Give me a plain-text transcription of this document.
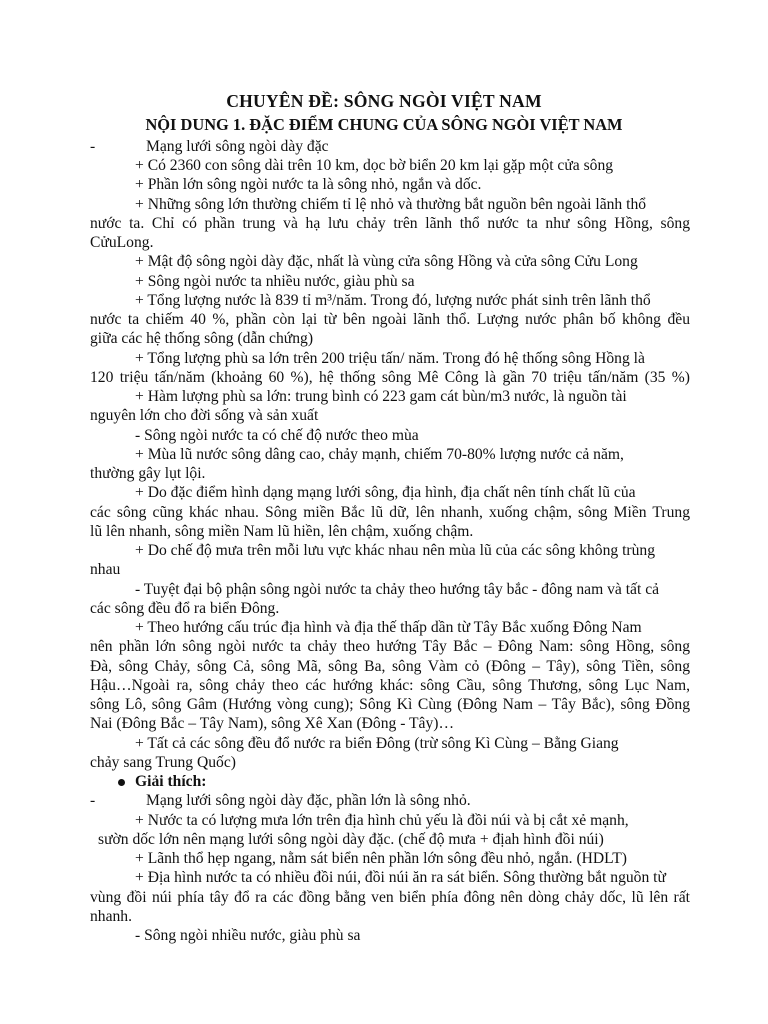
CHUYÊN ĐỀ: SÔNG NGÒI VIỆT NAM
NỘI DUNG 1. ĐẶC ĐIỂM CHUNG CỦA SÔNG NGÒI VIỆT NAM
-	Mạng lưới sông ngòi dày đặc
+ Có 2360 con sông dài trên 10 km, dọc bờ biển 20 km lại gặp một cửa sông
+ Phần lớn sông ngòi nước ta là sông nhỏ, ngắn và dốc.
+ Những sông lớn thường chiếm tỉ lệ nhỏ và thường bắt nguồn bên ngoài lãnh thổ
nước ta. Chỉ có phần trung và hạ lưu chảy trên lãnh thổ nước ta như sông Hồng, sông
CửuLong.
+ Mật độ sông ngòi dày đặc, nhất là vùng cửa sông Hồng và cửa sông Cửu Long
+ Sông ngòi nước ta nhiều nước, giàu phù sa
+ Tổng lượng nước là 839 tỉ m³/năm. Trong đó, lượng nước phát sinh trên lãnh thổ
nước ta chiếm 40 %, phần còn lại từ bên ngoài lãnh thổ. Lượng nước phân bố không đều
giữa các hệ thống sông (dẫn chứng)
+ Tổng lượng phù sa lớn trên 200 triệu tấn/ năm. Trong đó hệ thống sông Hồng là
120 triệu tấn/năm (khoảng 60 %), hệ thống sông Mê Công là gần 70 triệu tấn/năm (35 %)
+ Hàm lượng phù sa lớn: trung bình có 223 gam cát bùn/m3 nước, là nguồn tài
nguyên lớn cho đời sống và sản xuất
- Sông ngòi nước ta có chế độ nước theo mùa
+ Mùa lũ nước sông dâng cao, chảy mạnh, chiếm 70-80% lượng nước cả năm,
thường gây lụt lội.
+ Do đặc điểm hình dạng mạng lưới sông, địa hình, địa chất nên tính chất lũ của
các sông cũng khác nhau. Sông miền Bắc lũ dữ, lên nhanh, xuống chậm, sông Miền Trung
lũ lên nhanh, sông miền Nam lũ hiền, lên chậm, xuống chậm.
+ Do chế độ mưa trên mỗi lưu vực khác nhau nên mùa lũ của các sông không trùng
nhau
- Tuyệt đại bộ phận sông ngòi nước ta chảy theo hướng tây bắc - đông nam và tất cả
các sông đều đổ ra biển Đông.
+ Theo hướng cấu trúc địa hình và địa thế thấp dần từ Tây Bắc xuống Đông Nam
nên phần lớn sông ngòi nước ta chảy theo hướng Tây Bắc – Đông Nam: sông Hồng, sông
Đà, sông Chảy, sông Cả, sông Mã, sông Ba, sông Vàm cỏ (Đông – Tây), sông Tiền, sông
Hậu…Ngoài ra, sông chảy theo các hướng khác: sông Cầu, sông Thương, sông Lục Nam,
sông Lô, sông Gâm (Hướng vòng cung); Sông Kì Cùng (Đông Nam – Tây Bắc), sông Đồng
Nai (Đông Bắc – Tây Nam), sông Xê Xan (Đông - Tây)…
+ Tất cả các sông đều đổ nước ra biển Đông (trừ sông Kì Cùng – Bằng Giang
chảy sang Trung Quốc)
Giải thích:
-	Mạng lưới sông ngòi dày đặc, phần lớn là sông nhỏ.
+ Nước ta có lượng mưa lớn trên địa hình chủ yếu là đồi núi và bị cắt xẻ mạnh,
sườn dốc lớn nên mạng lưới sông ngòi dày đặc. (chế độ mưa + địah hình đồi núi)
+ Lãnh thổ hẹp ngang, nằm sát biển nên phần lớn sông đều nhỏ, ngắn. (HDLT)
+ Địa hình nước ta có nhiều đồi núi, đồi núi ăn ra sát biển. Sông thường bắt nguồn từ
vùng đồi núi phía tây đổ ra các đồng bằng ven biển phía đông nên dòng chảy dốc, lũ lên rất
nhanh.
- Sông ngòi nhiều nước, giàu phù sa
